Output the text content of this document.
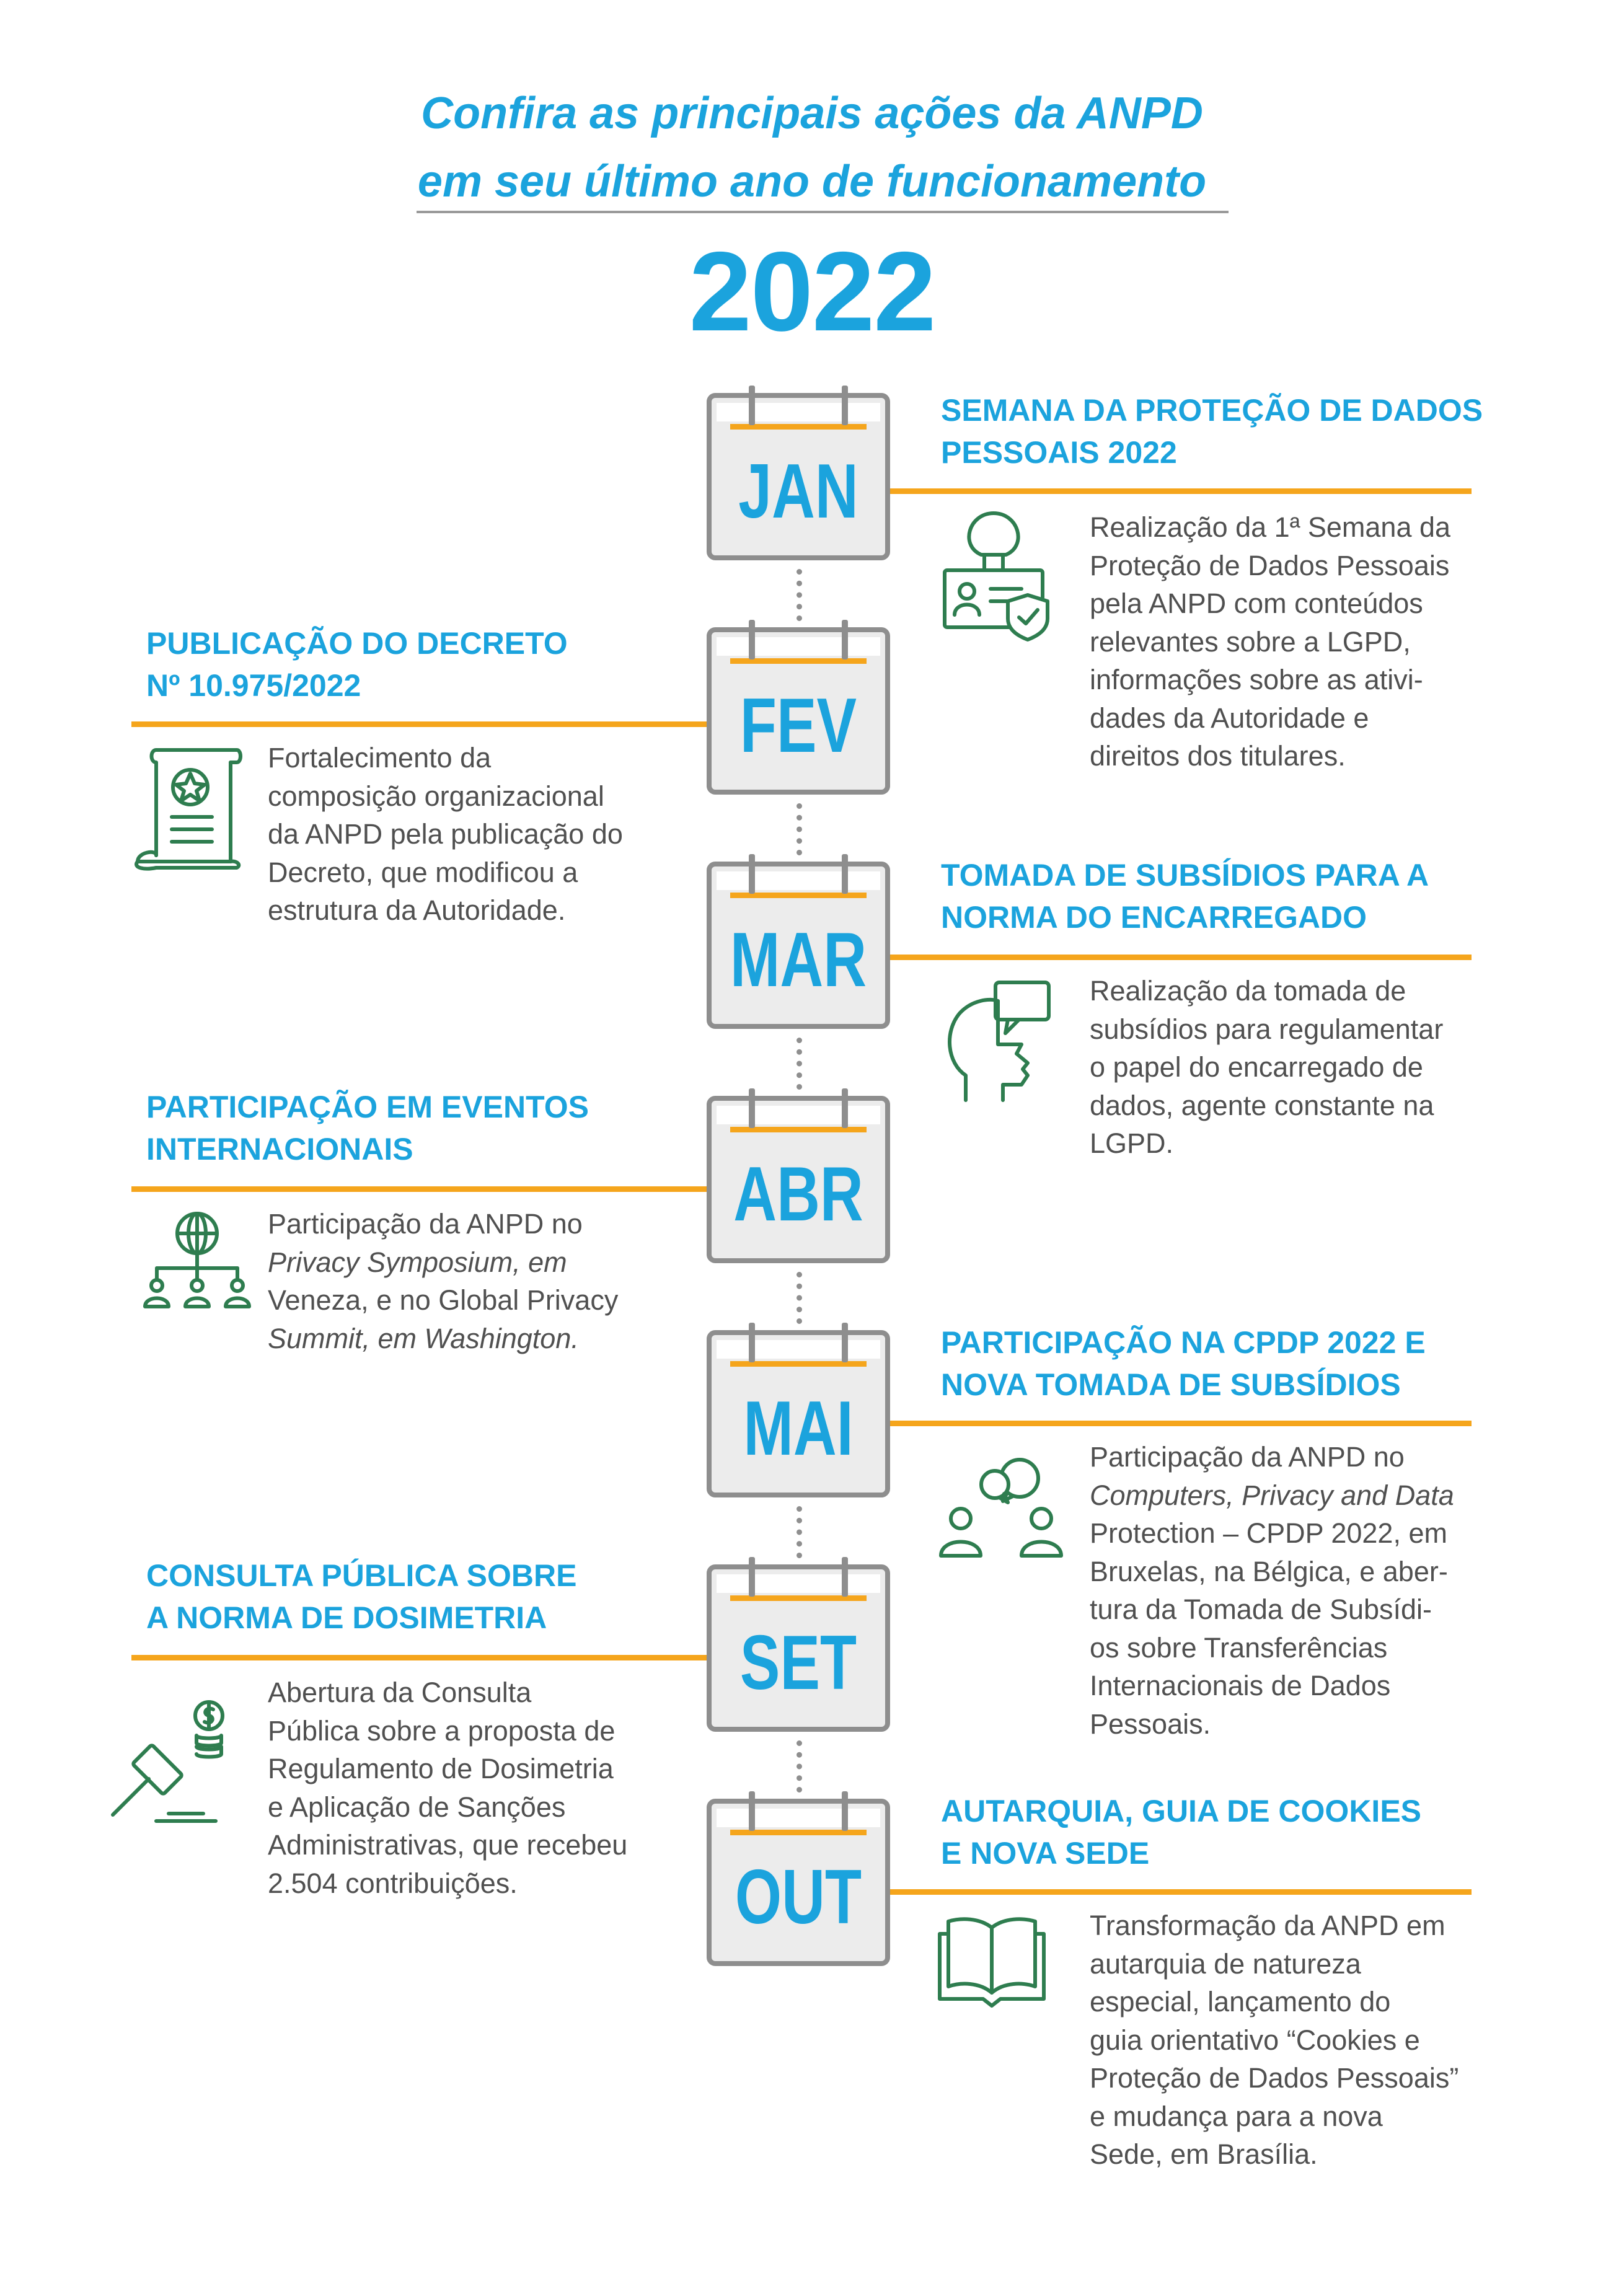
Confira as principais ações da ANPD
em seu último ano de funcionamento
2022
JAN
SEMANA DA PROTEÇÃO DE DADOS
PESSOAIS 2022
Realização da 1ª Semana da
Proteção de Dados Pessoais
pela ANPD com conteúdos
relevantes sobre a LGPD,
informações sobre as ativi-
dades da Autoridade e
direitos dos titulares.
FEV
PUBLICAÇÃO DO DECRETO
Nº 10.975/2022
Fortalecimento da
composição organizacional
da ANPD pela publicação do
Decreto, que modificou a
estrutura da Autoridade.
MAR
TOMADA DE SUBSÍDIOS PARA A
NORMA DO ENCARREGADO
Realização da tomada de
subsídios para regulamentar
o papel do encarregado de
dados, agente constante na
LGPD.
ABR
PARTICIPAÇÃO EM EVENTOS
INTERNACIONAIS
Participação da ANPD no
Privacy Symposium, em
Veneza, e no Global Privacy
Summit, em Washington.
MAI
PARTICIPAÇÃO NA CPDP 2022 E
NOVA TOMADA DE SUBSÍDIOS
Participação da ANPD no
Computers, Privacy and Data
Protection – CPDP 2022, em
Bruxelas, na Bélgica, e aber-
tura da Tomada de Subsídi-
os sobre Transferências
Internacionais de Dados
Pessoais.
SET
CONSULTA PÚBLICA SOBRE
A NORMA DE DOSIMETRIA
Abertura da Consulta
Pública sobre a proposta de
Regulamento de Dosimetria
e Aplicação de Sanções
Administrativas, que recebeu
2.504 contribuições.	OUT
AUTARQUIA, GUIA DE COOKIES
E NOVA SEDE
Transformação da ANPD em
autarquia de natureza
especial, lançamento do
guia orientativo “Cookies e
Proteção de Dados Pessoais”
e mudança para a nova
Sede, em Brasília.
